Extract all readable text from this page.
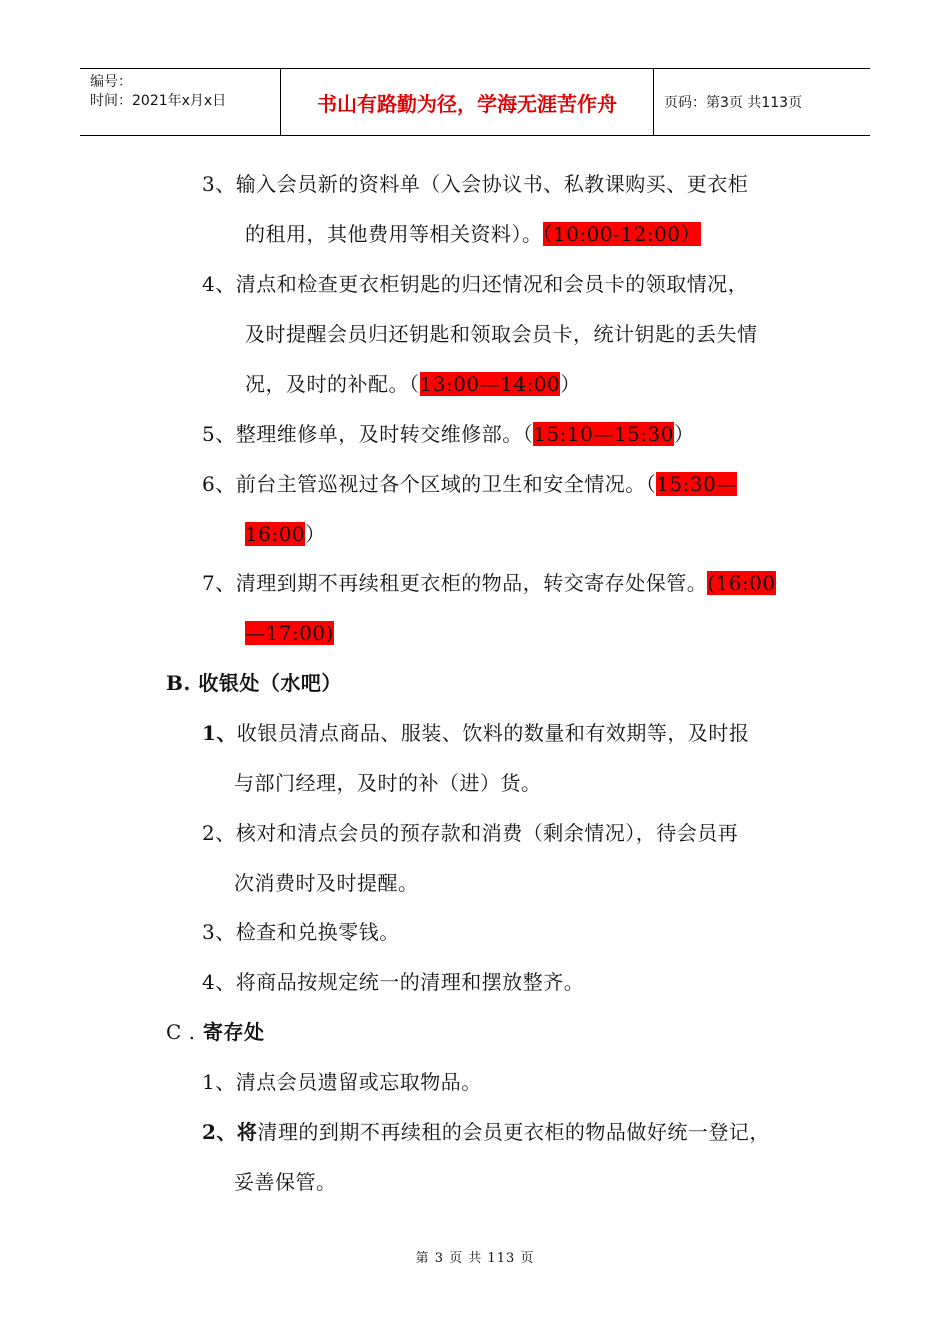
编号：
时间：2021年x月x日	书山有路勤为径，学海无涯苦作舟	页码：第3页 共113页
3、输入会员新的资料单（入会协议书、私教课购买、更衣柜
的租用，其他费用等相关资料）。（10:00-12:00）
4、清点和检查更衣柜钥匙的归还情况和会员卡的领取情况，
及时提醒会员归还钥匙和领取会员卡，统计钥匙的丢失情
况，及时的补配。（13:00—14:00）
5、整理维修单，及时转交维修部。（15:10—15:30）
6、前台主管巡视过各个区域的卫生和安全情况。（15:30—
16:00）
7、清理到期不再续租更衣柜的物品，转交寄存处保管。(16:00
—17:00)
B. 收银处（水吧）
1、收银员清点商品、服装、饮料的数量和有效期等，及时报
与部门经理，及时的补（进）货。
2、核对和清点会员的预存款和消费（剩余情况），待会员再
次消费时及时提醒。
3、检查和兑换零钱。
4、将商品按规定统一的清理和摆放整齐。
C . 寄存处
1、清点会员遗留或忘取物品。
2、将清理的到期不再续租的会员更衣柜的物品做好统一登记，
妥善保管。
第 3 页 共 113 页
